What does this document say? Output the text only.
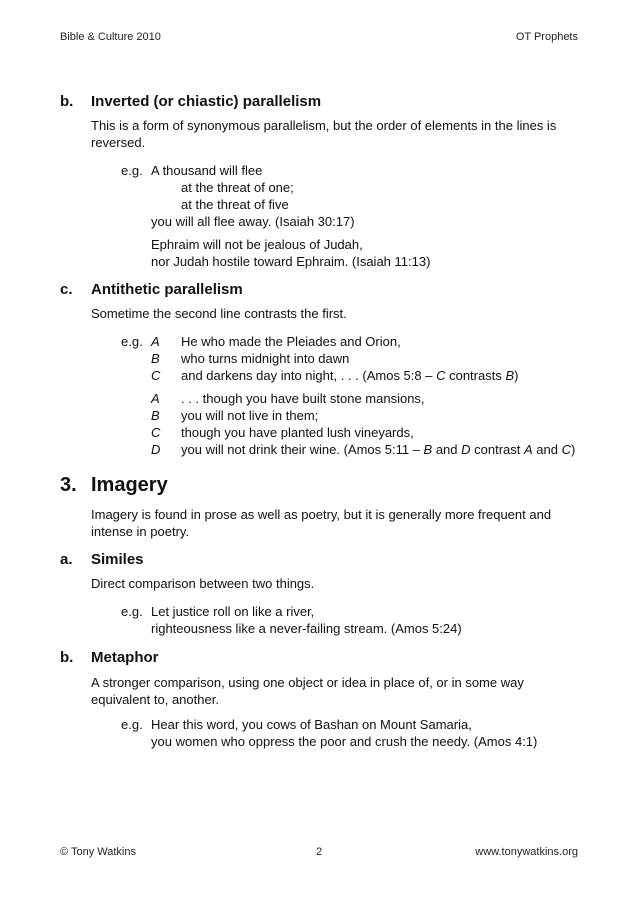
Bible & Culture 2010	OT Prophets
b. Inverted (or chiastic) parallelism
This is a form of synonymous parallelism, but the order of elements in the lines is
reversed.
e.g. A thousand will flee
at the threat of one;
at the threat of five
you will all flee away. (Isaiah 30:17)
Ephraim will not be jealous of Judah,
nor Judah hostile toward Ephraim. (Isaiah 11:13)
c. Antithetic parallelism
Sometime the second line contrasts the first.
e.g. A He who made the Pleiades and Orion,
B who turns midnight into dawn
C and darkens day into night, . . . (Amos 5:8 – C contrasts B)
A . . . though you have built stone mansions,
B you will not live in them;
C though you have planted lush vineyards,
D you will not drink their wine. (Amos 5:11 – B and D contrast A and C)
3. Imagery
Imagery is found in prose as well as poetry, but it is generally more frequent and
intense in poetry.
a. Similes
Direct comparison between two things.
e.g. Let justice roll on like a river,
righteousness like a never-failing stream. (Amos 5:24)
b. Metaphor
A stronger comparison, using one object or idea in place of, or in some way
equivalent to, another.
e.g. Hear this word, you cows of Bashan on Mount Samaria,
you women who oppress the poor and crush the needy. (Amos 4:1)
© Tony Watkins	2	www.tonywatkins.org
